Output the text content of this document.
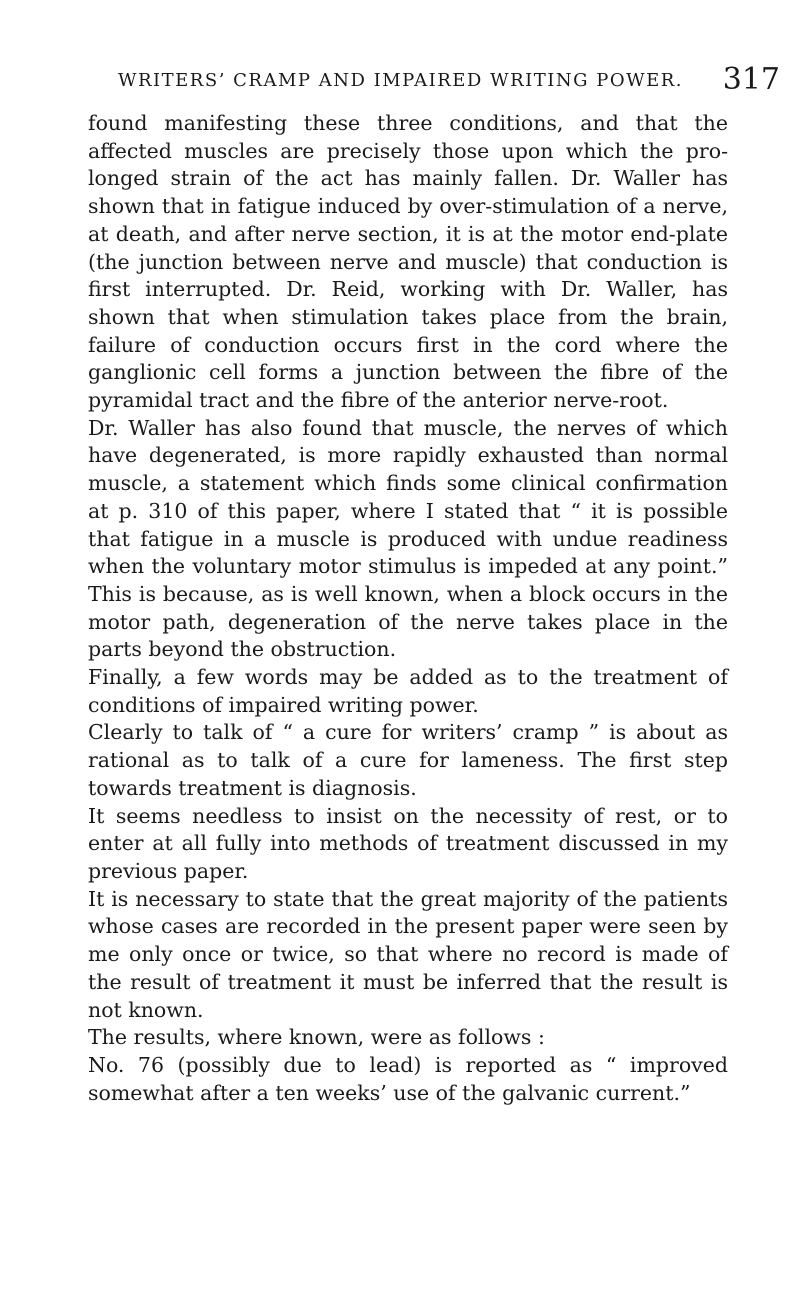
WRITERS’ CRAMP AND IMPAIRED WRITING POWER. 317

found manifesting these three conditions, and that the affected muscles are precisely those upon which the prolonged strain of the act has mainly fallen. Dr. Waller has shown that in fatigue induced by over-stimulation of a nerve, at death, and after nerve section, it is at the motor end-plate (the junction between nerve and muscle) that conduction is first interrupted. Dr. Reid, working with Dr. Waller, has shown that when stimulation takes place from the brain, failure of conduction occurs first in the cord where the ganglionic cell forms a junction between the fibre of the pyramidal tract and the fibre of the anterior nerve-root.

Dr. Waller has also found that muscle, the nerves of which have degenerated, is more rapidly exhausted than normal muscle, a statement which finds some clinical confirmation at p. 310 of this paper, where I stated that “ it is possible that fatigue in a muscle is produced with undue readiness when the voluntary motor stimulus is impeded at any point.” This is because, as is well known, when a block occurs in the motor path, degeneration of the nerve takes place in the parts beyond the obstruction.

Finally, a few words may be added as to the treatment of conditions of impaired writing power.

Clearly to talk of “ a cure for writers’ cramp ” is about as rational as to talk of a cure for lameness. The first step towards treatment is diagnosis.

It seems needless to insist on the necessity of rest, or to enter at all fully into methods of treatment discussed in my previous paper.

It is necessary to state that the great majority of the patients whose cases are recorded in the present paper were seen by me only once or twice, so that where no record is made of the result of treatment it must be inferred that the result is not known.

The results, where known, were as follows :

No. 76 (possibly due to lead) is reported as “ improved somewhat after a ten weeks’ use of the galvanic current.”
